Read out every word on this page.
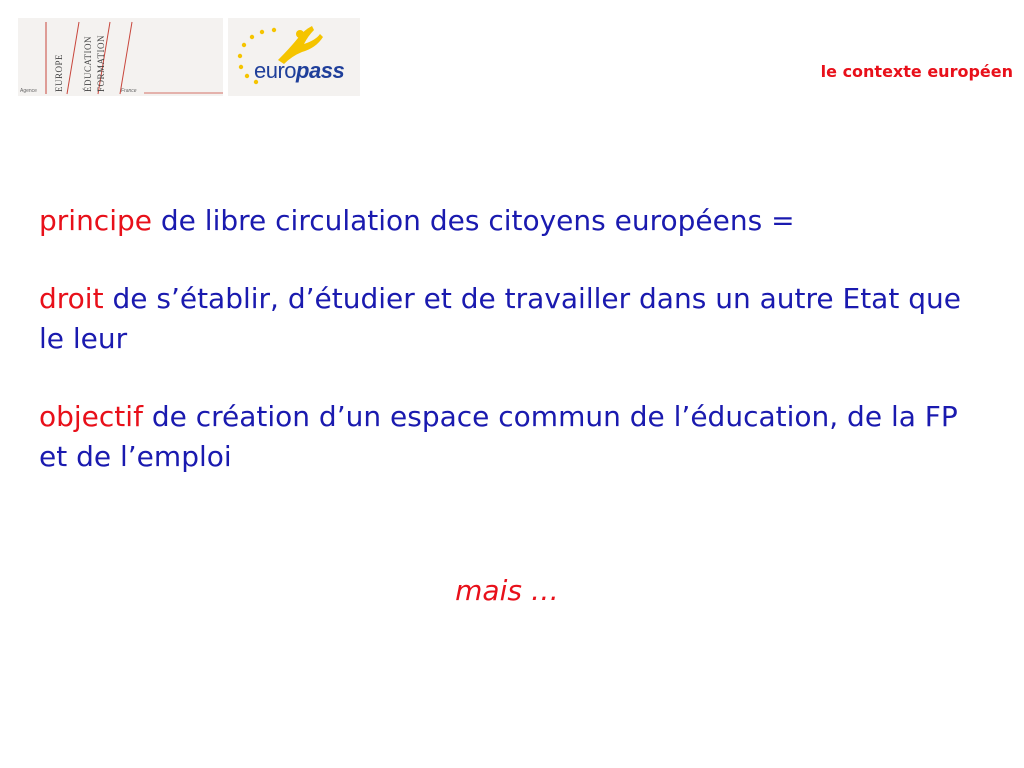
Agence EUROPE ÉDUCATION FORMATION	France
europass	le contexte européen

principe de libre circulation des citoyens européens =

droit de s’établir, d’étudier et de travailler dans un autre Etat que le leur

objectif de création d’un espace commun de l’éducation, de la FP et de l’emploi

mais …
